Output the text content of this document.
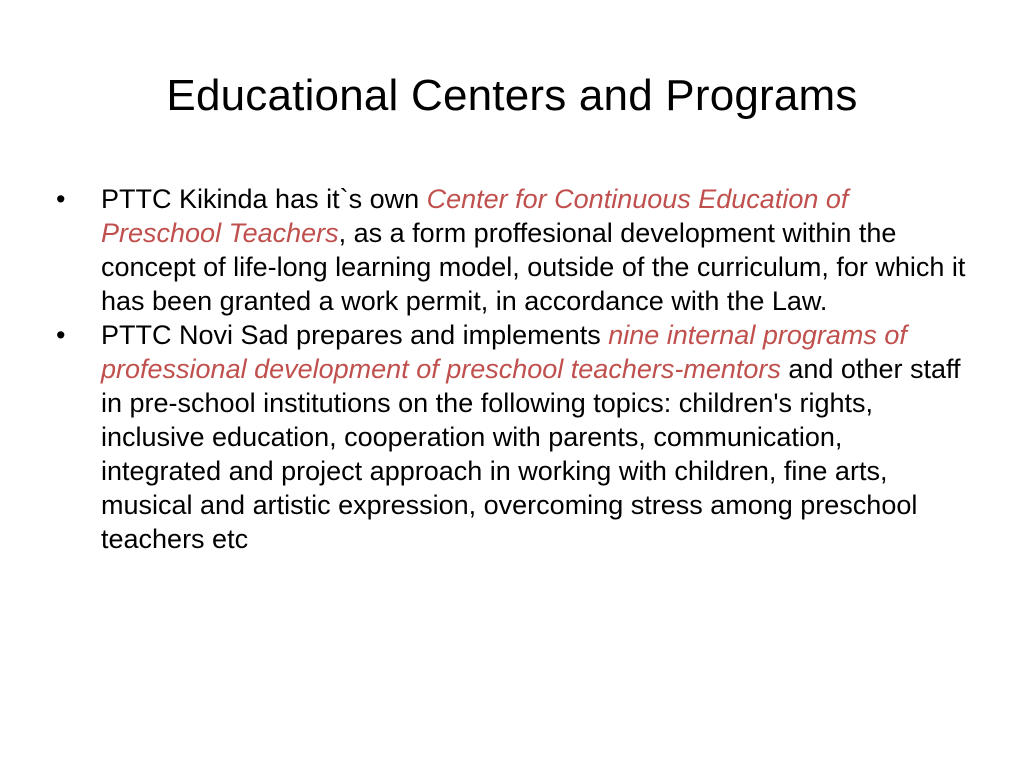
Educational Centers and Programs
•	PTTC Kikinda has it`s own Center for Continuous Education of Preschool Teachers, as a form proffesional development within the concept of life-long learning model, outside of the curriculum, for which it has been granted a work permit, in accordance with the Law.
•	PTTC Novi Sad prepares and implements nine internal programs of professional development of preschool teachers-mentors and other staff in pre-school institutions on the following topics: children's rights, inclusive education, cooperation with parents, communication, integrated and project approach in working with children, fine arts, musical and artistic expression, overcoming stress among preschool teachers etc
